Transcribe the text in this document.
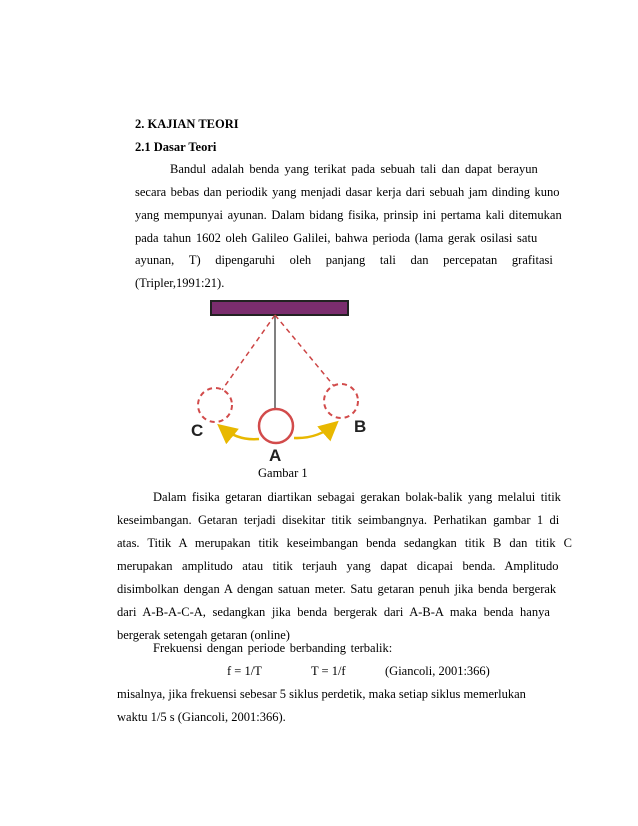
2. KAJIAN TEORI
2.1 Dasar Teori
Bandul adalah benda yang terikat pada sebuah tali dan dapat berayun
secara bebas dan periodik yang menjadi dasar kerja dari sebuah jam dinding kuno
yang mempunyai ayunan. Dalam bidang fisika, prinsip ini pertama kali ditemukan
pada tahun 1602 oleh Galileo Galilei, bahwa perioda (lama gerak osilasi satu
ayunan, T) dipengaruhi oleh panjang tali dan percepatan grafitasi
(Tripler,1991:21).
C
A
B
Gambar 1
Dalam fisika getaran diartikan sebagai gerakan bolak-balik yang melalui titik
keseimbangan. Getaran terjadi disekitar titik seimbangnya. Perhatikan gambar 1 di
atas. Titik A merupakan titik keseimbangan benda sedangkan titik B dan titik C
merupakan amplitudo atau titik terjauh yang dapat dicapai benda. Amplitudo
disimbolkan dengan A dengan satuan meter. Satu getaran penuh jika benda bergerak
dari A-B-A-C-A, sedangkan jika benda bergerak dari A-B-A maka benda hanya
bergerak setengah getaran (online)
Frekuensi dengan periode berbanding terbalik:
f = 1/T	T = 1/f	(Giancoli, 2001:366)
misalnya, jika frekuensi sebesar 5 siklus perdetik, maka setiap siklus memerlukan
waktu 1/5 s (Giancoli, 2001:366).
